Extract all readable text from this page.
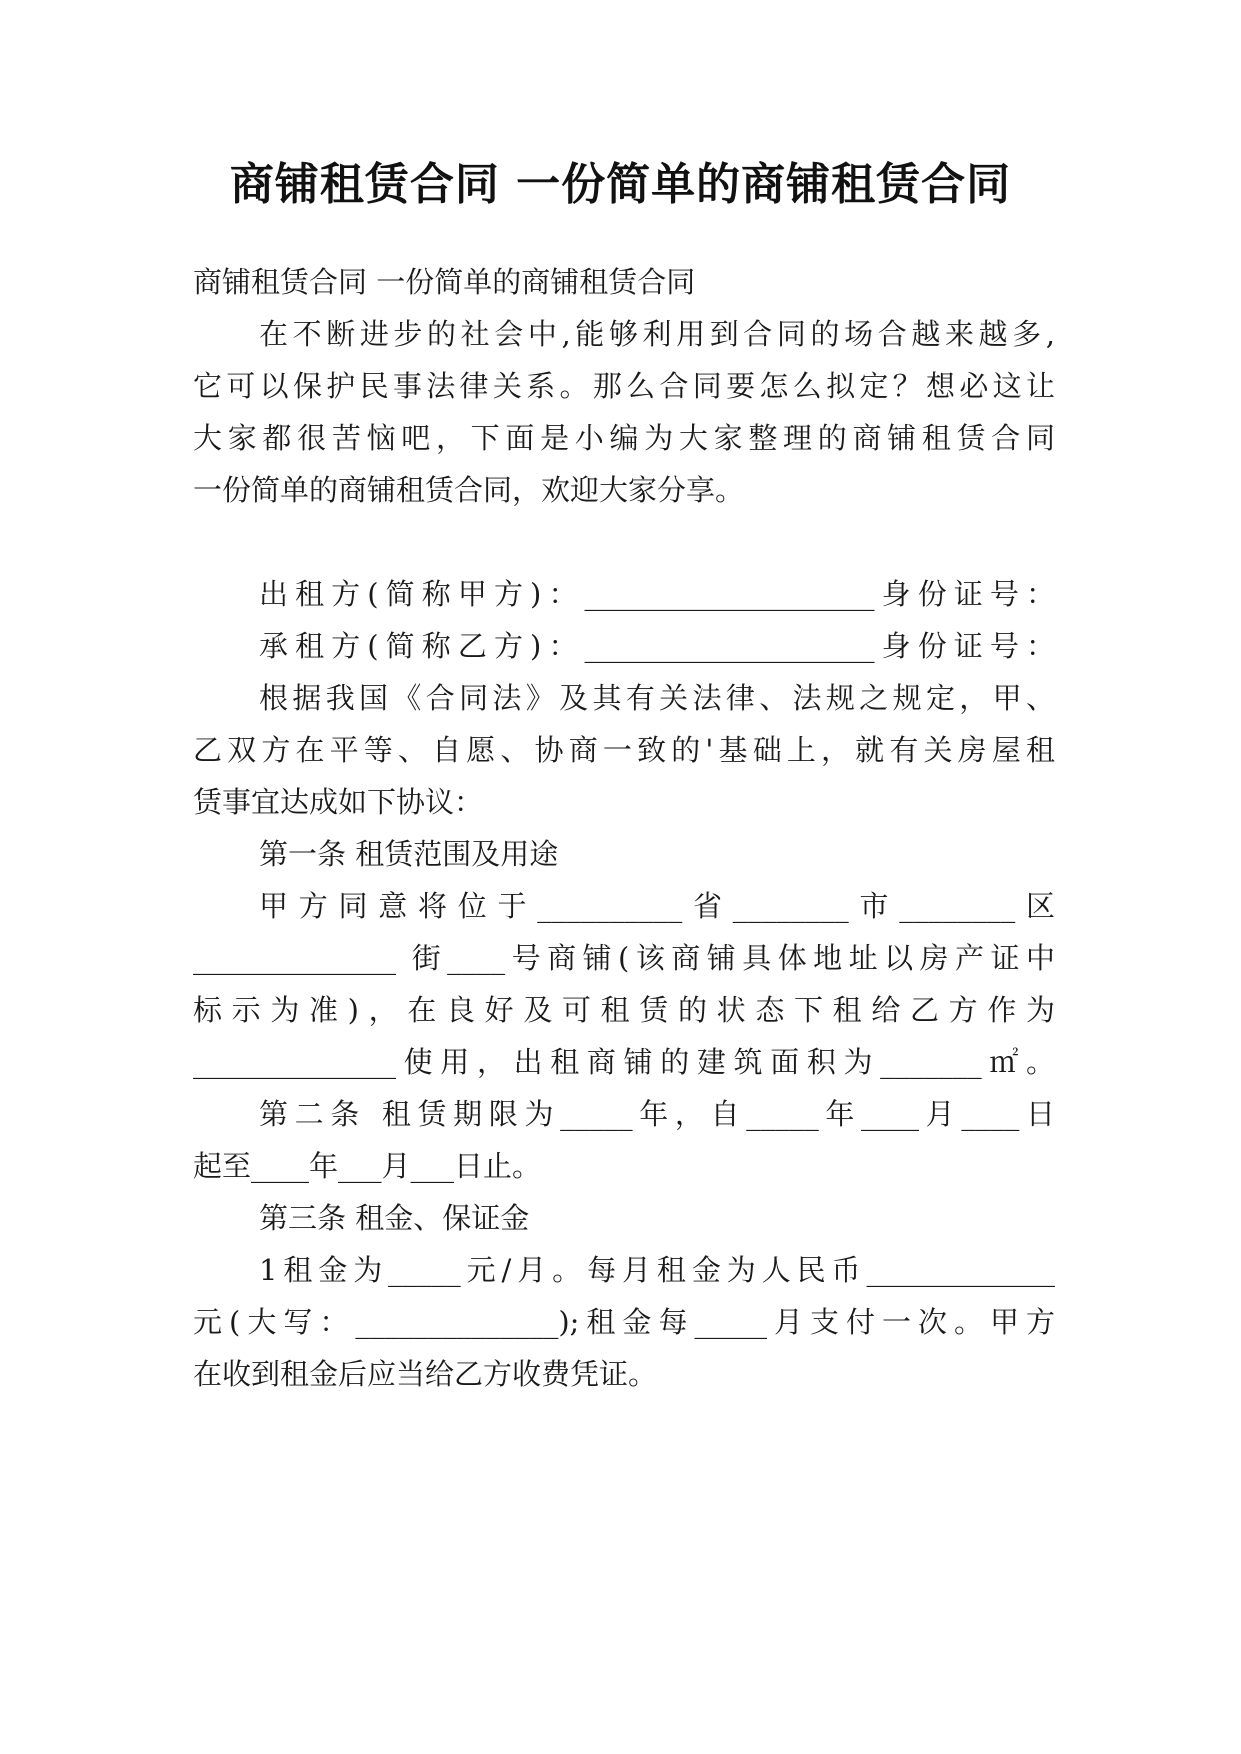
商铺租赁合同 一份简单的商铺租赁合同
商铺租赁合同 一份简单的商铺租赁合同
在不断进步的社会中,能够利用到合同的场合越来越多,
它可以保护民事法律关系。那么合同要怎么拟定？想必这让
大家都很苦恼吧，下面是小编为大家整理的商铺租赁合同
一份简单的商铺租赁合同，欢迎大家分享。
出租方(简称甲方)：____________________身份证号：
承租方(简称乙方)：____________________身份证号：
根据我国《合同法》及其有关法律、法规之规定，甲、
乙双方在平等、自愿、协商一致的'基础上，就有关房屋租
赁事宜达成如下协议：
第一条 租赁范围及用途
甲方同意将位于__________省________市________区
______________ 街____号商铺(该商铺具体地址以房产证中
标示为准)，在良好及可租赁的状态下租给乙方作为
______________使用，出租商铺的建筑面积为_______㎡。
第二条 租赁期限为_____年，自_____年____月____日
起至____年___月___日止。
第三条 租金、保证金
1租金为_____元/月。每月租金为人民币_____________
元(大写：______________);租金每_____月支付一次。甲方
在收到租金后应当给乙方收费凭证。
